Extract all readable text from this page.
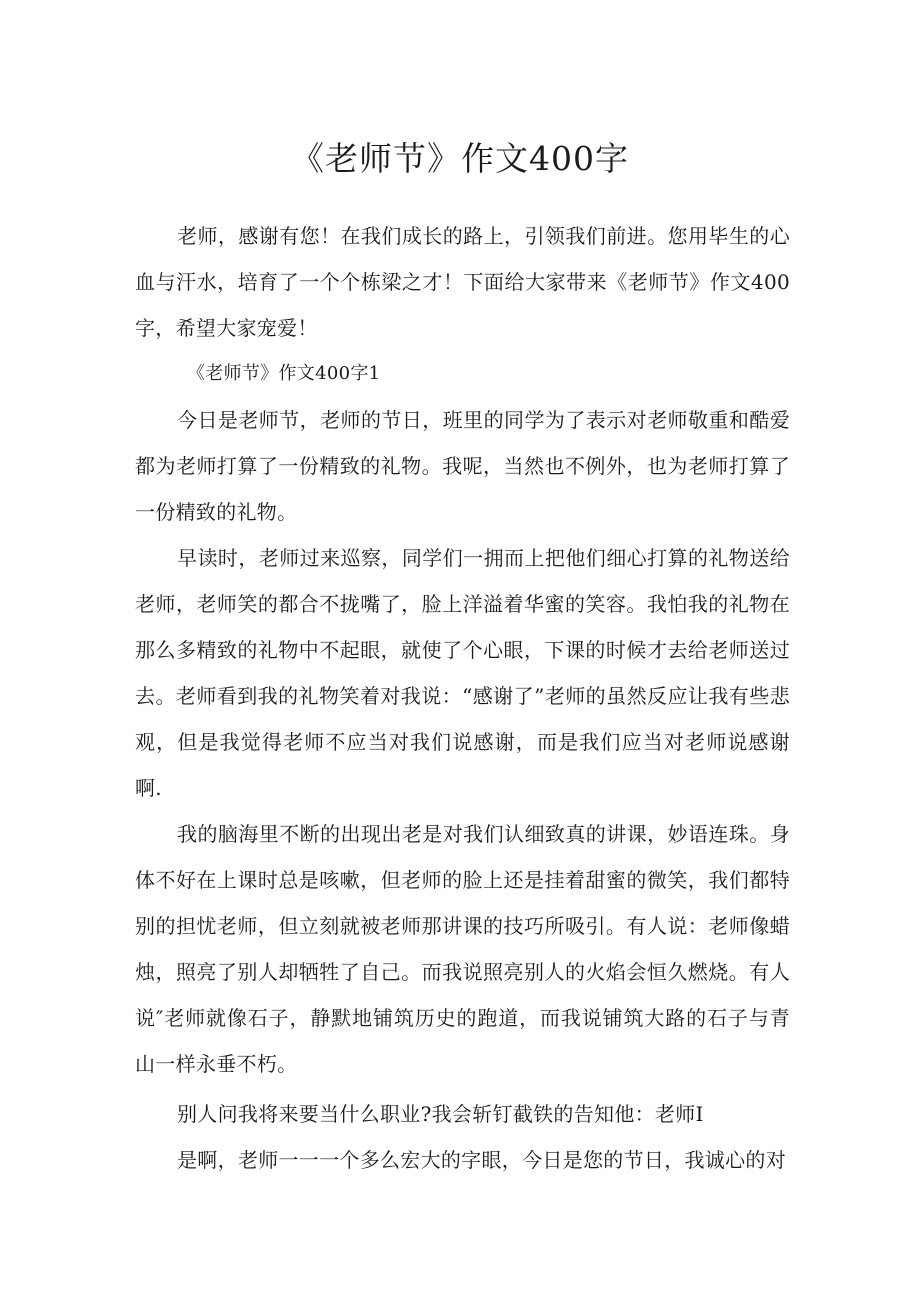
《老师节》作文400字

老师，感谢有您！在我们成长的路上，引领我们前进。您用毕生的心血与汗水，培育了一个个栋梁之才！下面给大家带来《老师节》作文400字，希望大家宠爱！

《老师节》作文400字1

今日是老师节，老师的节日，班里的同学为了表示对老师敬重和酷爱都为老师打算了一份精致的礼物。我呢，当然也不例外，也为老师打算了一份精致的礼物。

早读时，老师过来巡察，同学们一拥而上把他们细心打算的礼物送给老师，老师笑的都合不拢嘴了，脸上洋溢着华蜜的笑容。我怕我的礼物在那么多精致的礼物中不起眼，就使了个心眼，下课的时候才去给老师送过去。老师看到我的礼物笑着对我说：“感谢了”老师的虽然反应让我有些悲观，但是我觉得老师不应当对我们说感谢，而是我们应当对老师说感谢啊.

我的脑海里不断的出现出老是对我们认细致真的讲课，妙语连珠。身体不好在上课时总是咳嗽，但老师的脸上还是挂着甜蜜的微笑，我们都特别的担忧老师，但立刻就被老师那讲课的技巧所吸引。有人说：老师像蜡烛，照亮了别人却牺牲了自己。而我说照亮别人的火焰会恒久燃烧。有人说″老师就像石子，静默地铺筑历史的跑道，而我说铺筑大路的石子与青山一样永垂不朽。

别人问我将来要当什么职业?我会斩钉截铁的告知他：老师I

是啊，老师一一一个多么宏大的字眼，今日是您的节日，我诚心的对
